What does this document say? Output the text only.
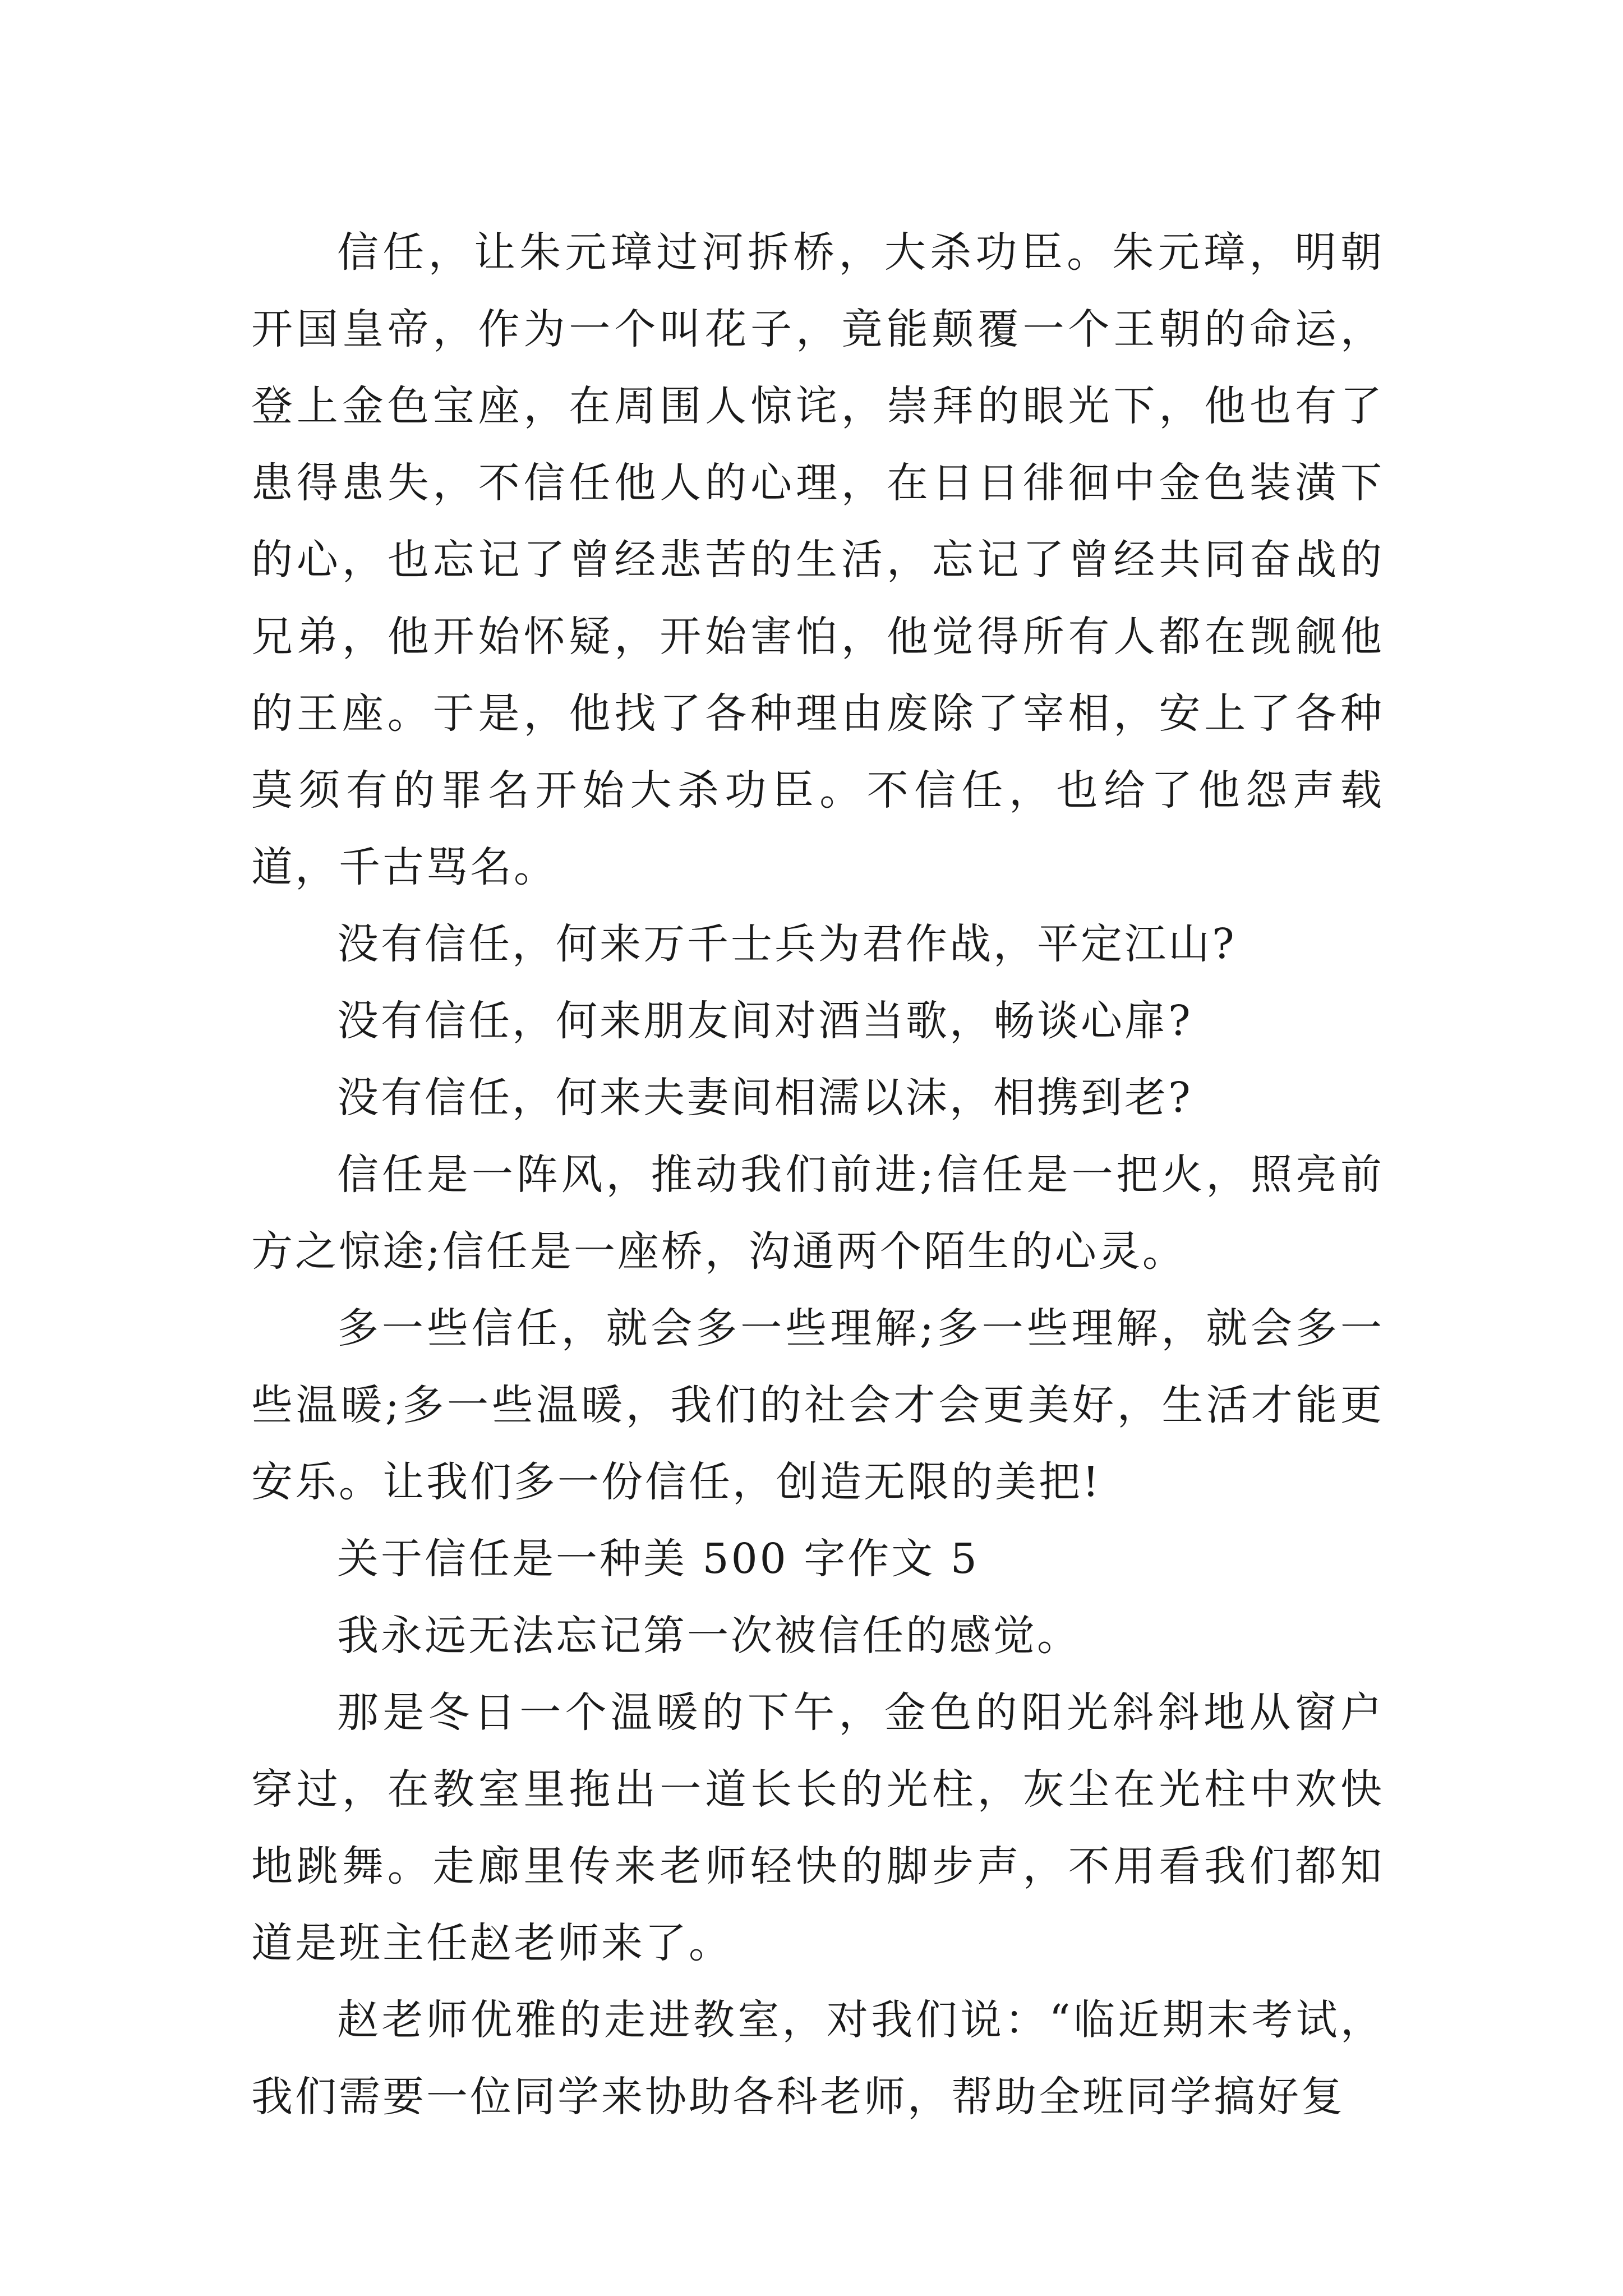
信任，让朱元璋过河拆桥，大杀功臣。朱元璋，明朝开国皇帝，作为一个叫花子，竟能颠覆一个王朝的命运，登上金色宝座，在周围人惊诧，崇拜的眼光下，他也有了患得患失，不信任他人的心理，在日日徘徊中金色装潢下的心，也忘记了曾经悲苦的生活，忘记了曾经共同奋战的兄弟，他开始怀疑，开始害怕，他觉得所有人都在觊觎他的王座。于是，他找了各种理由废除了宰相，安上了各种莫须有的罪名开始大杀功臣。不信任，也给了他怨声载道，千古骂名。

没有信任，何来万千士兵为君作战，平定江山?

没有信任，何来朋友间对酒当歌，畅谈心扉?

没有信任，何来夫妻间相濡以沫，相携到老?

信任是一阵风，推动我们前进;信任是一把火，照亮前方之惊途;信任是一座桥，沟通两个陌生的心灵。

多一些信任，就会多一些理解;多一些理解，就会多一些温暖;多一些温暖，我们的社会才会更美好，生活才能更安乐。让我们多一份信任，创造无限的美把!

关于信任是一种美 500 字作文 5

我永远无法忘记第一次被信任的感觉。

那是冬日一个温暖的下午，金色的阳光斜斜地从窗户穿过，在教室里拖出一道长长的光柱，灰尘在光柱中欢快地跳舞。走廊里传来老师轻快的脚步声，不用看我们都知道是班主任赵老师来了。

赵老师优雅的走进教室，对我们说：“临近期末考试，我们需要一位同学来协助各科老师，帮助全班同学搞好复
